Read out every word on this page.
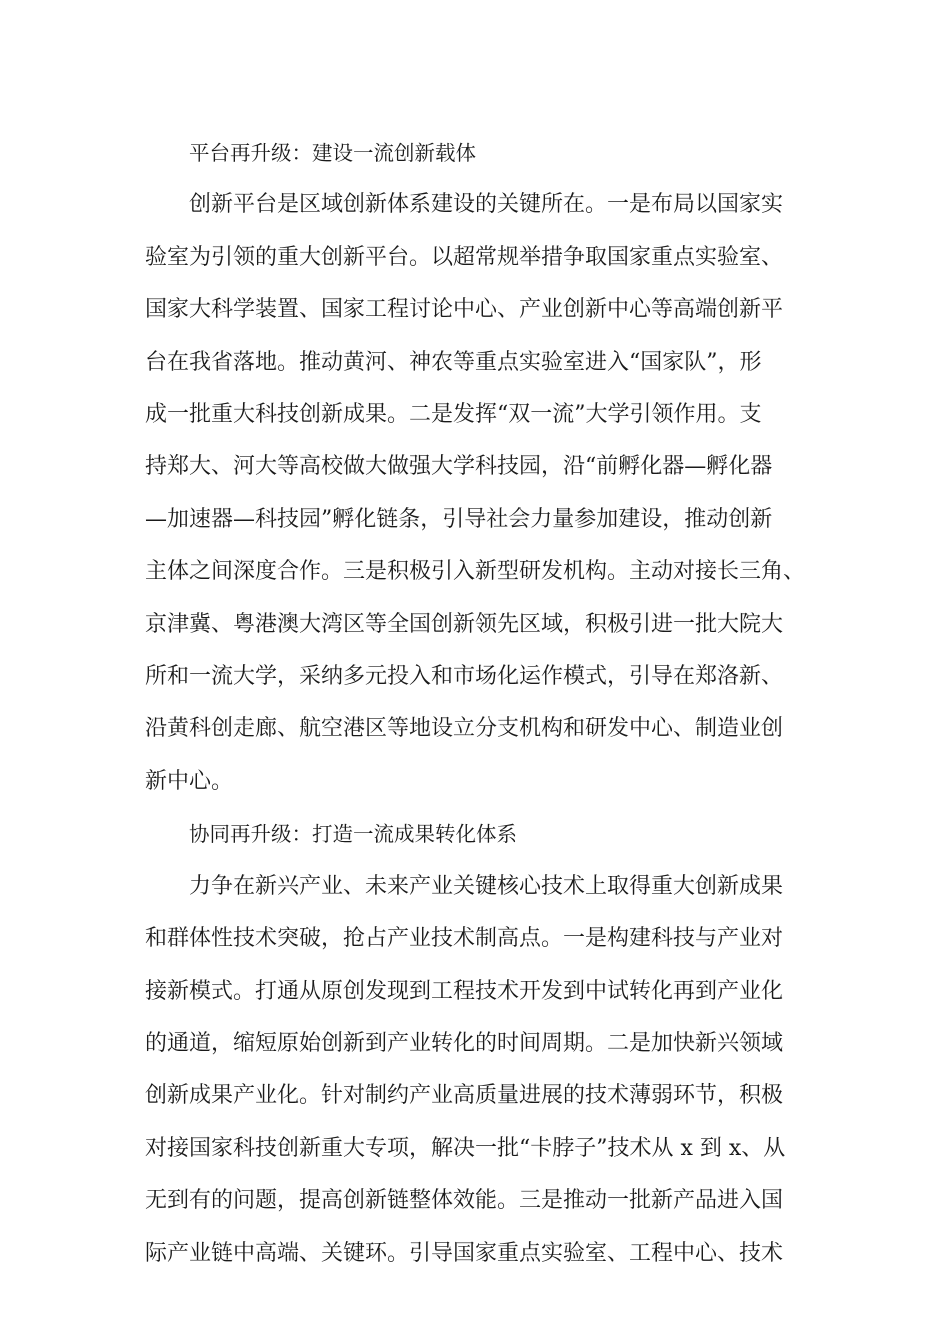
平台再升级：建设一流创新载体

创新平台是区域创新体系建设的关键所在。一是布局以国家实
验室为引领的重大创新平台。以超常规举措争取国家重点实验室、
国家大科学装置、国家工程讨论中心、产业创新中心等高端创新平
台在我省落地。推动黄河、神农等重点实验室进入“国家队”，形
成一批重大科技创新成果。二是发挥“双一流”大学引领作用。支
持郑大、河大等高校做大做强大学科技园，沿“前孵化器—孵化器
—加速器—科技园”孵化链条，引导社会力量参加建设，推动创新
主体之间深度合作。三是积极引入新型研发机构。主动对接长三角、
京津冀、粤港澳大湾区等全国创新领先区域，积极引进一批大院大
所和一流大学，采纳多元投入和市场化运作模式，引导在郑洛新、
沿黄科创走廊、航空港区等地设立分支机构和研发中心、制造业创
新中心。

协同再升级：打造一流成果转化体系

力争在新兴产业、未来产业关键核心技术上取得重大创新成果
和群体性技术突破，抢占产业技术制高点。一是构建科技与产业对
接新模式。打通从原创发现到工程技术开发到中试转化再到产业化
的通道，缩短原始创新到产业转化的时间周期。二是加快新兴领域
创新成果产业化。针对制约产业高质量进展的技术薄弱环节，积极
对接国家科技创新重大专项，解决一批“卡脖子”技术从 x 到 x、从
无到有的问题，提高创新链整体效能。三是推动一批新产品进入国
际产业链中高端、关键环。引导国家重点实验室、工程中心、技术
